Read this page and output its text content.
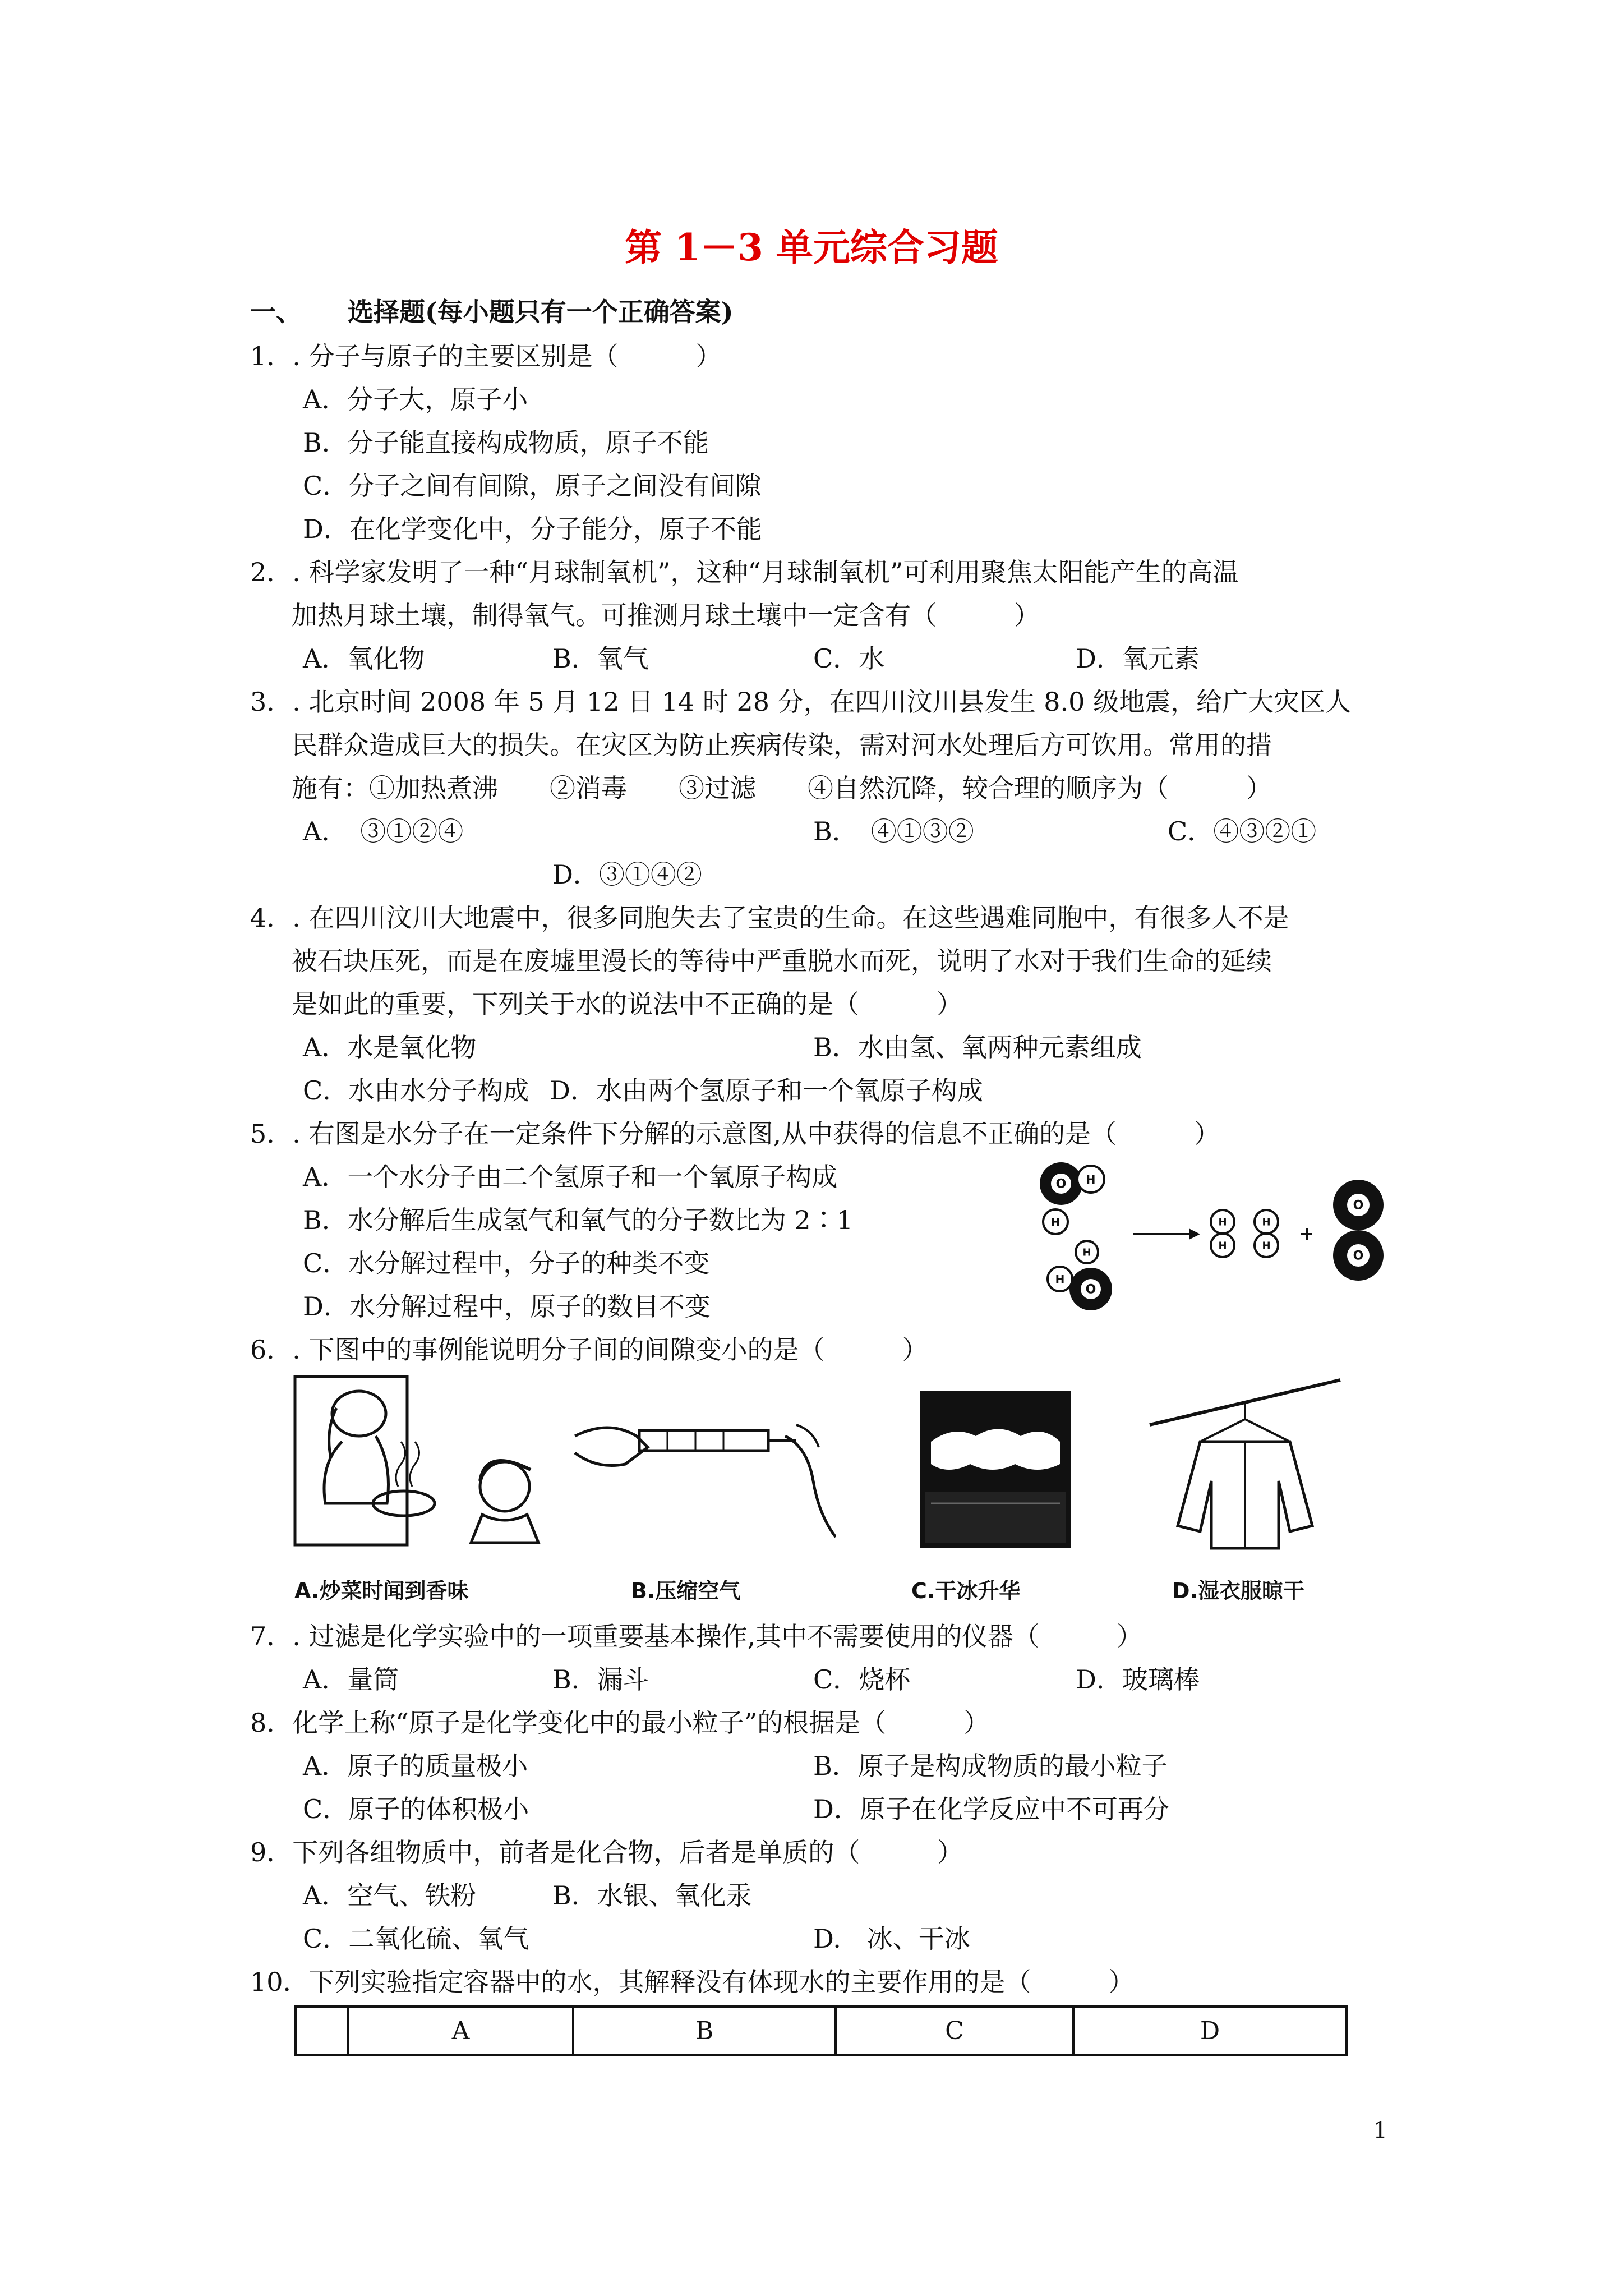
第 1－3 单元综合习题
一、 选择题(每小题只有一个正确答案)
1．. 分子与原子的主要区别是（　　　）
A．分子大，原子小
B．分子能直接构成物质，原子不能
C．分子之间有间隙，原子之间没有间隙
D．在化学变化中，分子能分，原子不能
2．. 科学家发明了一种“月球制氧机”，这种“月球制氧机”可利用聚焦太阳能产生的高温
加热月球土壤，制得氧气。可推测月球土壤中一定含有（　　　）
A．氧化物	B．氧气	C．水	D．氧元素
3．. 北京时间 2008 年 5 月 12 日 14 时 28 分，在四川汶川县发生 8.0 级地震，给广大灾区人
民群众造成巨大的损失。在灾区为防止疾病传染，需对河水处理后方可饮用。常用的措
施有：①加热煮沸　　②消毒　　③过滤　　④自然沉降，较合理的顺序为（　　　）
A．　③①②④	B．　④①③②	C．④③②①
D．③①④②
4．. 在四川汶川大地震中，很多同胞失去了宝贵的生命。在这些遇难同胞中，有很多人不是
被石块压死，而是在废墟里漫长的等待中严重脱水而死，说明了水对于我们生命的延续
是如此的重要，下列关于水的说法中不正确的是（　　　）
A．水是氧化物	B．水由氢、氧两种元素组成
C．水由水分子构成 D．水由两个氢原子和一个氧原子构成
5．. 右图是水分子在一定条件下分解的示意图,从中获得的信息不正确的是（　　　）
A．一个水分子由二个氢原子和一个氧原子构成
B．水分解后生成氢气和氧气的分子数比为 2∶1
C．水分解过程中，分子的种类不变
D．水分解过程中，原子的数目不变
O H
H
O
H
H
H
H
H
H
O
O
6．. 下图中的事例能说明分子间的间隙变小的是（　　　）
A.炒菜时闻到香味	B.压缩空气	C.干冰升华	D.湿衣服晾干
7．. 过滤是化学实验中的一项重要基本操作,其中不需要使用的仪器（　　　）
A．量筒	B．漏斗	C．烧杯	D．玻璃棒
8．化学上称“原子是化学变化中的最小粒子”的根据是（　　　）
A．原子的质量极小	B．原子是构成物质的最小粒子
C．原子的体积极小	D．原子在化学反应中不可再分
9．下列各组物质中，前者是化合物，后者是单质的（　　　）
A．空气、铁粉	B．水银、氧化汞
C．二氧化硫、氧气	D.　冰、干冰
10．下列实验指定容器中的水，其解释没有体现水的主要作用的是（　　　）
	A	B	C	D
1
